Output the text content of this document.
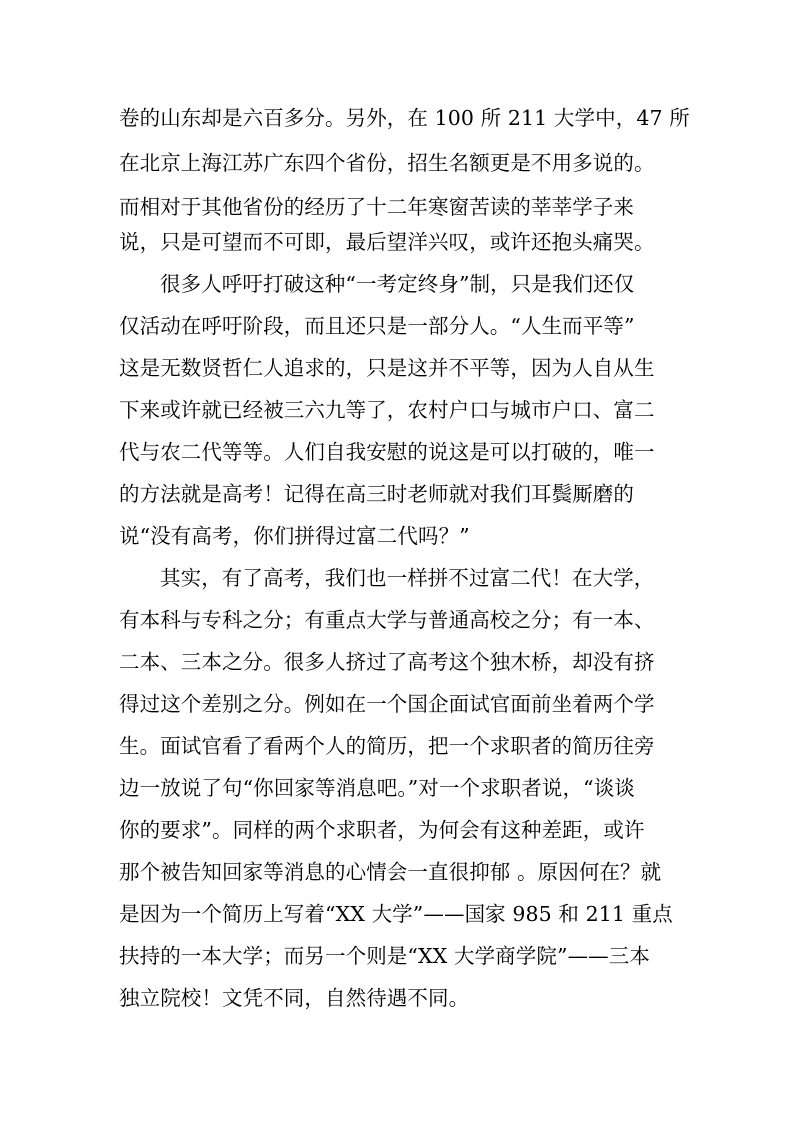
卷的山东却是六百多分。另外，在 100 所 211 大学中，47 所
在北京上海江苏广东四个省份，招生名额更是不用多说的。
而相对于其他省份的经历了十二年寒窗苦读的莘莘学子来
说，只是可望而不可即，最后望洋兴叹，或许还抱头痛哭。
很多人呼吁打破这种“一考定终身”制，只是我们还仅
仅活动在呼吁阶段，而且还只是一部分人。“人生而平等”
这是无数贤哲仁人追求的，只是这并不平等，因为人自从生
下来或许就已经被三六九等了，农村户口与城市户口、富二
代与农二代等等。人们自我安慰的说这是可以打破的，唯一
的方法就是高考！记得在高三时老师就对我们耳鬓厮磨的
说“没有高考，你们拼得过富二代吗？”
其实，有了高考，我们也一样拼不过富二代！在大学，
有本科与专科之分；有重点大学与普通高校之分；有一本、
二本、三本之分。很多人挤过了高考这个独木桥，却没有挤
得过这个差别之分。例如在一个国企面试官面前坐着两个学
生。面试官看了看两个人的简历，把一个求职者的简历往旁
边一放说了句“你回家等消息吧。”对一个求职者说，“谈谈
你的要求”。同样的两个求职者，为何会有这种差距，或许
那个被告知回家等消息的心情会一直很抑郁 。原因何在？就
是因为一个简历上写着“XX 大学”——国家 985 和 211 重点
扶持的一本大学；而另一个则是“XX 大学商学院”——三本
独立院校！文凭不同，自然待遇不同。
